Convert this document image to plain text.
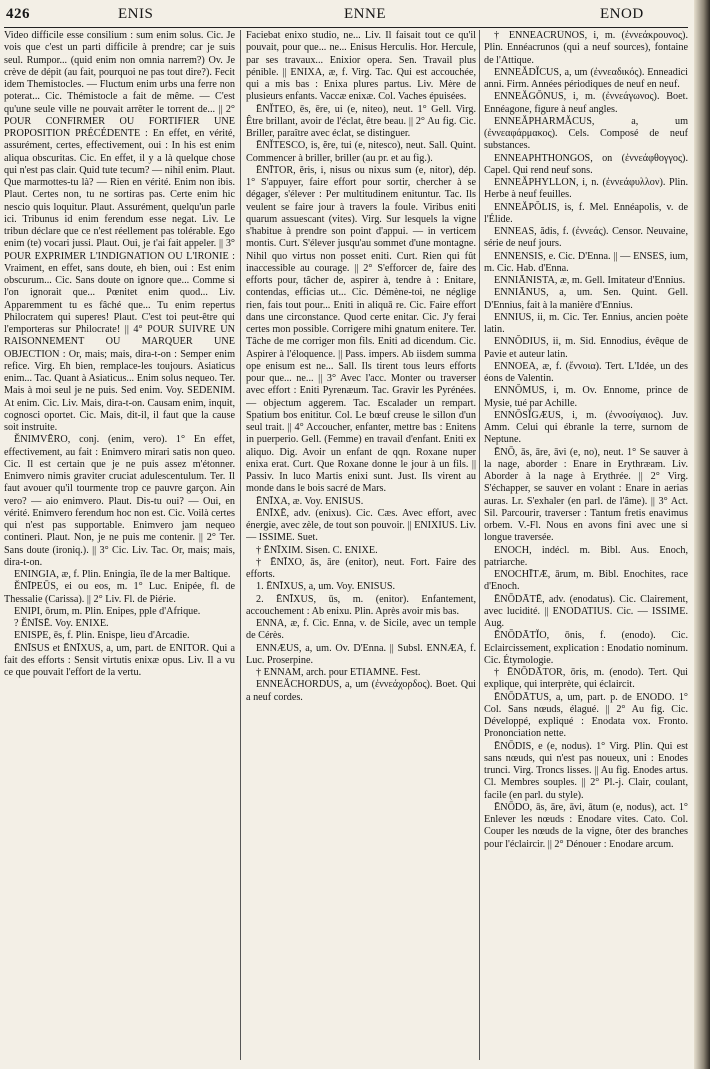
426	ENIS	ENNE	ENOD

Video difficile esse consilium : sum enim solus. Cic. Je vois que c'est un parti difficile à prendre; car je suis seul. Rumpor... (quid enim non omnia narrem?) Ov. Je crève de dépit (au fait, pourquoi ne pas tout dire?). Fecit idem Themistocles. — Fluctum enim urbs una ferre non poterat... Cic. Thémistocle a fait de même. — C'est qu'une seule ville ne pouvait arrêter le torrent de... || 2° POUR CONFIRMER OU FORTIFIER UNE PROPOSITION PRÉCÉDENTE : En effet, en vérité, assurément, certes, effectivement, oui : In his est enim aliqua obscuritas. Cic. En effet, il y a là quelque chose qui n'est pas clair. Quid tute tecum? — nihil enim. Plaut. Que marmottes-tu là? — Rien en vérité. Enim non ibis. Plaut. Certes non, tu ne sortiras pas. Certe enim hic nescio quis loquitur. Plaut. Assurément, quelqu'un parle ici. Tribunus id enim ferendum esse negat. Liv. Le tribun déclare que ce n'est réellement pas tolérable. Ego enim (te) vocari jussi. Plaut. Oui, je t'ai fait appeler. || 3° POUR EXPRIMER L'INDIGNATION OU L'IRONIE : Vraiment, en effet, sans doute, eh bien, oui : Est enim obscurum... Cic. Sans doute on ignore que... Comme si l'on ignorait que... Pœnitet enim quod... Liv. Apparemment tu es fâché que... Tu enim repertus Philocratem qui superes! Plaut. C'est toi peut-être qui l'emporteras sur Philocrate! || 4° POUR SUIVRE UN RAISONNEMENT OU MARQUER UNE OBJECTION : Or, mais; mais, dira-t-on : Semper enim refice. Virg. Eh bien, remplace-les toujours. Asiaticus enim... Tac. Quant à Asiaticus... Enim solus nequeo. Ter. Mais à moi seul je ne puis. Sed enim. Voy. SEDENIM. At enim. Cic. Liv. Mais, dira-t-on. Causam enim, inquit, cognosci oportet. Cic. Mais, dit-il, il faut que la cause soit instruite.

ĔNIMVĒRO, conj. (enim, vero). 1° En effet, effectivement, au fait : Enimvero mirari satis non queo. Cic. Il est certain que je ne puis assez m'étonner. Enimvero nimis graviter cruciat adulescentulum. Ter. Il faut avouer qu'il tourmente trop ce pauvre garçon. Ain vero? — aio enimvero. Plaut. Dis-tu oui? — Oui, en vérité. Enimvero ferendum hoc non est. Cic. Voilà certes qui n'est pas supportable. Enimvero jam nequeo contineri. Plaut. Non, je ne puis me contenir. || 2° Ter. Sans doute (ironiq.). || 3° Cic. Liv. Tac. Or, mais; mais, dira-t-on.

ENINGIA, æ, f. Plin. Eningia, île de la mer Baltique.

ĔNĪPEŪS, ei ou eos, m. 1° Luc. Enipée, fl. de Thessalie (Carissa). || 2° Liv. Fl. de Piérie.

ENIPI, ōrum, m. Plin. Enipes, pple d'Afrique.

? ĔNĪSĒ. Voy. ENIXE.

ENISPE, ēs, f. Plin. Enispe, lieu d'Arcadie.

ĒNĪSUS et ĒNĪXUS, a, um, part. de ENITOR. Qui a fait des efforts : Sensit virtutis enixæ opus. Liv. Il a vu ce que pouvait l'effort de la vertu.

Faciebat enixo studio, ne... Liv. Il faisait tout ce qu'il pouvait, pour que... ne... Enisus Herculis. Hor. Hercule, par ses travaux... Enixior opera. Sen. Travail plus pénible. || ENIXA, æ, f. Virg. Tac. Qui est accouchée, qui a mis bas : Enixa plures partus. Liv. Mère de plusieurs enfants. Vaccæ enixæ. Col. Vaches épuisées.

ĒNĬTEO, ēs, ēre, ui (e, niteo), neut. 1° Gell. Virg. Être brillant, avoir de l'éclat, être beau. || 2° Au fig. Cic. Briller, paraître avec éclat, se distinguer.

ĒNĬTESCO, is, ĕre, tui (e, nitesco), neut. Sall. Quint. Commencer à briller, briller (au pr. et au fig.).

ĒNĪTOR, ĕris, i, nisus ou nixus sum (e, nitor), dép. 1° S'appuyer, faire effort pour sortir, chercher à se dégager, s'élever : Per multitudinem enituntur. Tac. Ils veulent se faire jour à travers la foule. Viribus eniti quarum assuescant (vites). Virg. Sur lesquels la vigne s'habitue à prendre son point d'appui. — in verticem montis. Curt. S'élever jusqu'au sommet d'une montagne. Nihil quo virtus non posset eniti. Curt. Rien qui fût inaccessible au courage. || 2° S'efforcer de, faire des efforts pour, tâcher de, aspirer à, tendre à : Enitare, contendas, efficias ut... Cic. Démène-toi, ne néglige rien, fais tout pour... Eniti in aliquā re. Cic. Faire effort dans une circonstance. Quod certe enitar. Cic. J'y ferai certes mon possible. Corrigere mihi gnatum enitere. Ter. Tâche de me corriger mon fils. Eniti ad dicendum. Cic. Aspirer à l'éloquence. || Pass. impers. Ab iisdem summa ope enisum est ne... Sall. Ils tirent tous leurs efforts pour que... ne... || 3° Avec l'acc. Monter ou traverser avec effort : Eniti Pyrenæum. Tac. Gravir les Pyrénées. — objectum aggerem. Tac. Escalader un rempart. Spatium bos enititur. Col. Le bœuf creuse le sillon d'un seul trait. || 4° Accoucher, enfanter, mettre bas : Enitens in puerperio. Gell. (Femme) en travail d'enfant. Eniti ex aliquo. Dig. Avoir un enfant de qqn. Roxane nuper enixa erat. Curt. Que Roxane donne le jour à un fils. || Passiv. In luco Martis enixi sunt. Just. Ils virent au monde dans le bois sacré de Mars.

ĒNĪXA, æ. Voy. ENISUS.

ĒNĪXĒ, adv. (enixus). Cic. Cæs. Avec effort, avec énergie, avec zèle, de tout son pouvoir. || ENIXIUS. Liv. — ISSIME. Suet.

† ĒNĪXIM. Sisen. C. ENIXE.

† ĒNĪXO, ās, āre (enitor), neut. Fort. Faire des efforts.

1. ĒNĪXUS, a, um. Voy. ENISUS.

2. ĒNĪXUS, ūs, m. (enitor). Enfantement, accouchement : Ab enixu. Plin. Après avoir mis bas.

ENNA, æ, f. Cic. Enna, v. de Sicile, avec un temple de Cérès.

ENNÆUS, a, um. Ov. D'Enna. || Subsl. ENNÆA, f. Luc. Proserpine.

† ENNAM, arch. pour ETIAMNE. Fest.

ENNEĂCHORDUS, a, um (ἐννεάχορδος). Boet. Qui a neuf cordes.

† ENNEACRŪNOS, i, m. (ἐννεάκρουνος). Plin. Ennéacrunos (qui a neuf sources), fontaine de l'Attique.

ENNEĂDĬCUS, a, um (ἐννεαδικός). Enneadici anni. Firm. Années périodiques de neuf en neuf.

ENNEĂGŌNUS, i, m. (ἐννεάγωνος). Boet. Ennéagone, figure à neuf angles.

ENNEĂPHARMĂCUS, a, um (ἐννεαφάρμακος). Cels. Composé de neuf substances.

ENNEAPHTHONGOS, on (ἐννεάφθογγος). Capel. Qui rend neuf sons.

ENNEĂPHYLLON, i, n. (ἐννεάφυλλον). Plin. Herbe à neuf feuilles.

ENNEĂPŎLIS, is, f. Mel. Ennéapolis, v. de l'Élide.

ENNEAS, ădis, f. (ἐννεάς). Censor. Neuvaine, série de neuf jours.

ENNENSIS, e. Cic. D'Enna. || — ENSES, ium, m. Cic. Hab. d'Enna.

ENNIĀNISTA, æ, m. Gell. Imitateur d'Ennius.

ENNIĀNUS, a, um. Sen. Quint. Gell. D'Ennius, fait à la manière d'Ennius.

ENNIUS, ii, m. Cic. Ter. Ennius, ancien poète latin.

ENNŎDIUS, ii, m. Sid. Ennodius, évêque de Pavie et auteur latin.

ENNOEA, æ, f. (ἔννοια). Tert. L'Idée, un des éons de Valentin.

ENNŎMUS, i, m. Ov. Ennome, prince de Mysie, tué par Achille.

ENNŎSĬGÆUS, i, m. (ἐννοσίγαιος). Juv. Amm. Celui qui ébranle la terre, surnom de Neptune.

ĒNŌ, ās, āre, āvi (e, no), neut. 1° Se sauver à la nage, aborder : Enare in Erythræam. Liv. Aborder à la nage à Erythrée. || 2° Virg. S'échapper, se sauver en volant : Enare in aerias auras. Lr. S'exhaler (en parl. de l'âme). || 3° Act. Sil. Parcourir, traverser : Tantum fretis enavimus orbem. V.-Fl. Nous en avons fini avec une si longue traversée.

ENOCH, indécl. m. Bibl. Aus. Enoch, patriarche.

ENOCHĪTÆ, ārum, m. Bibl. Enochites, race d'Enoch.

ĒNŌDĀTĒ, adv. (enodatus). Cic. Clairement, avec lucidité. || ENODATIUS. Cic. — ISSIME. Aug.

ĒNŌDĀTĬO, ōnis, f. (enodo). Cic. Eclaircissement, explication : Enodatio nominum. Cic. Étymologie.

† ĒNŌDĀTOR, ōris, m. (enodo). Tert. Qui explique, qui interprète, qui éclaircit.

ĒNŌDĀTUS, a, um, part. p. de ENODO. 1° Col. Sans nœuds, élagué. || 2° Au fig. Cic. Développé, expliqué : Enodata vox. Fronto. Prononciation nette.

ĒNŌDIS, e (e, nodus). 1° Virg. Plin. Qui est sans nœuds, qui n'est pas noueux, uni : Enodes trunci. Virg. Troncs lisses. || Au fig. Enodes artus. Cl. Membres souples. || 2° Pl.-j. Clair, coulant, facile (en parl. du style).

ĒNŌDO, ās, āre, āvi, ātum (e, nodus), act. 1° Enlever les nœuds : Enodare vites. Cato. Col. Couper les nœuds de la vigne, ôter des branches pour l'éclaircir. || 2° Dénouer : Enodare arcum.
